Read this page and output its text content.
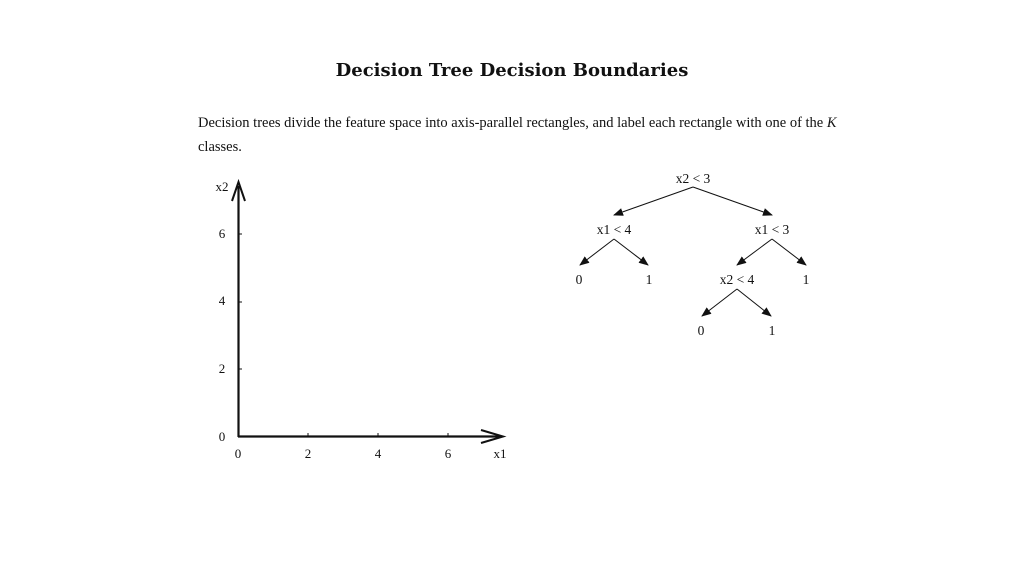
Decision Tree Decision Boundaries
Decision trees divide the feature space into axis-parallel rectangles, and label each rectangle with one of the K classes.
x2
x1
6
4
2
0
0	2	4	6
x2 < 3
x1 < 4	x1 < 3
0	1	x2 < 4	1
0	1
